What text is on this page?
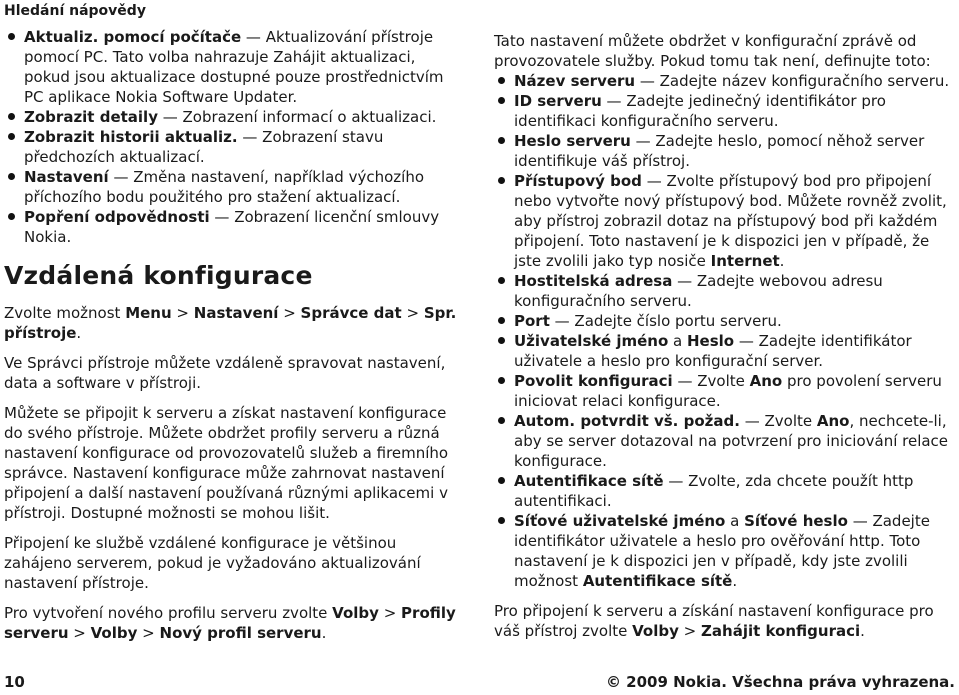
Hledání nápovědy
Aktualiz. pomocí počítače — Aktualizování přístroje pomocí PC. Tato volba nahrazuje Zahájit aktualizaci, pokud jsou aktualizace dostupné pouze prostřednictvím PC aplikace Nokia Software Updater.
Zobrazit detaily — Zobrazení informací o aktualizaci.
Zobrazit historii aktualiz. — Zobrazení stavu předchozích aktualizací.
Nastavení — Změna nastavení, například výchozího příchozího bodu použitého pro stažení aktualizací.
Popření odpovědnosti — Zobrazení licenční smlouvy Nokia.
Vzdálená konfigurace

Zvolte možnost Menu > Nastavení > Správce dat > Spr. přístroje.

Ve Správci přístroje můžete vzdáleně spravovat nastavení, data a software v přístroji.

Můžete se připojit k serveru a získat nastavení konfigurace do svého přístroje. Můžete obdržet profily serveru a různá nastavení konfigurace od provozovatelů služeb a firemního správce. Nastavení konfigurace může zahrnovat nastavení připojení a další nastavení používaná různými aplikacemi v přístroji. Dostupné možnosti se mohou lišit.

Připojení ke službě vzdálené konfigurace je většinou zahájeno serverem, pokud je vyžadováno aktualizování nastavení přístroje.

Pro vytvoření nového profilu serveru zvolte Volby > Profily serveru > Volby > Nový profil serveru.

Tato nastavení můžete obdržet v konfigurační zprávě od provozovatele služby. Pokud tomu tak není, definujte toto:

Název serveru — Zadejte název konfiguračního serveru.
ID serveru — Zadejte jedinečný identifikátor pro identifikaci konfiguračního serveru.
Heslo serveru — Zadejte heslo, pomocí něhož server identifikuje váš přístroj.
Přístupový bod — Zvolte přístupový bod pro připojení nebo vytvořte nový přístupový bod. Můžete rovněž zvolit, aby přístroj zobrazil dotaz na přístupový bod při každém připojení. Toto nastavení je k dispozici jen v případě, že jste zvolili jako typ nosiče Internet.
Hostitelská adresa — Zadejte webovou adresu konfiguračního serveru.
Port — Zadejte číslo portu serveru.
Uživatelské jméno a Heslo — Zadejte identifikátor uživatele a heslo pro konfigurační server.
Povolit konfiguraci — Zvolte Ano pro povolení serveru iniciovat relaci konfigurace.
Autom. potvrdit vš. požad. — Zvolte Ano, nechcete-li, aby se server dotazoval na potvrzení pro iniciování relace konfigurace.
Autentifikace sítě — Zvolte, zda chcete použít http autentifikaci.
Síťové uživatelské jméno a Síťové heslo — Zadejte identifikátor uživatele a heslo pro ověřování http. Toto nastavení je k dispozici jen v případě, kdy jste zvolili možnost Autentifikace sítě.

Pro připojení k serveru a získání nastavení konfigurace pro váš přístroj zvolte Volby > Zahájit konfiguraci.

10	© 2009 Nokia. Všechna práva vyhrazena.
